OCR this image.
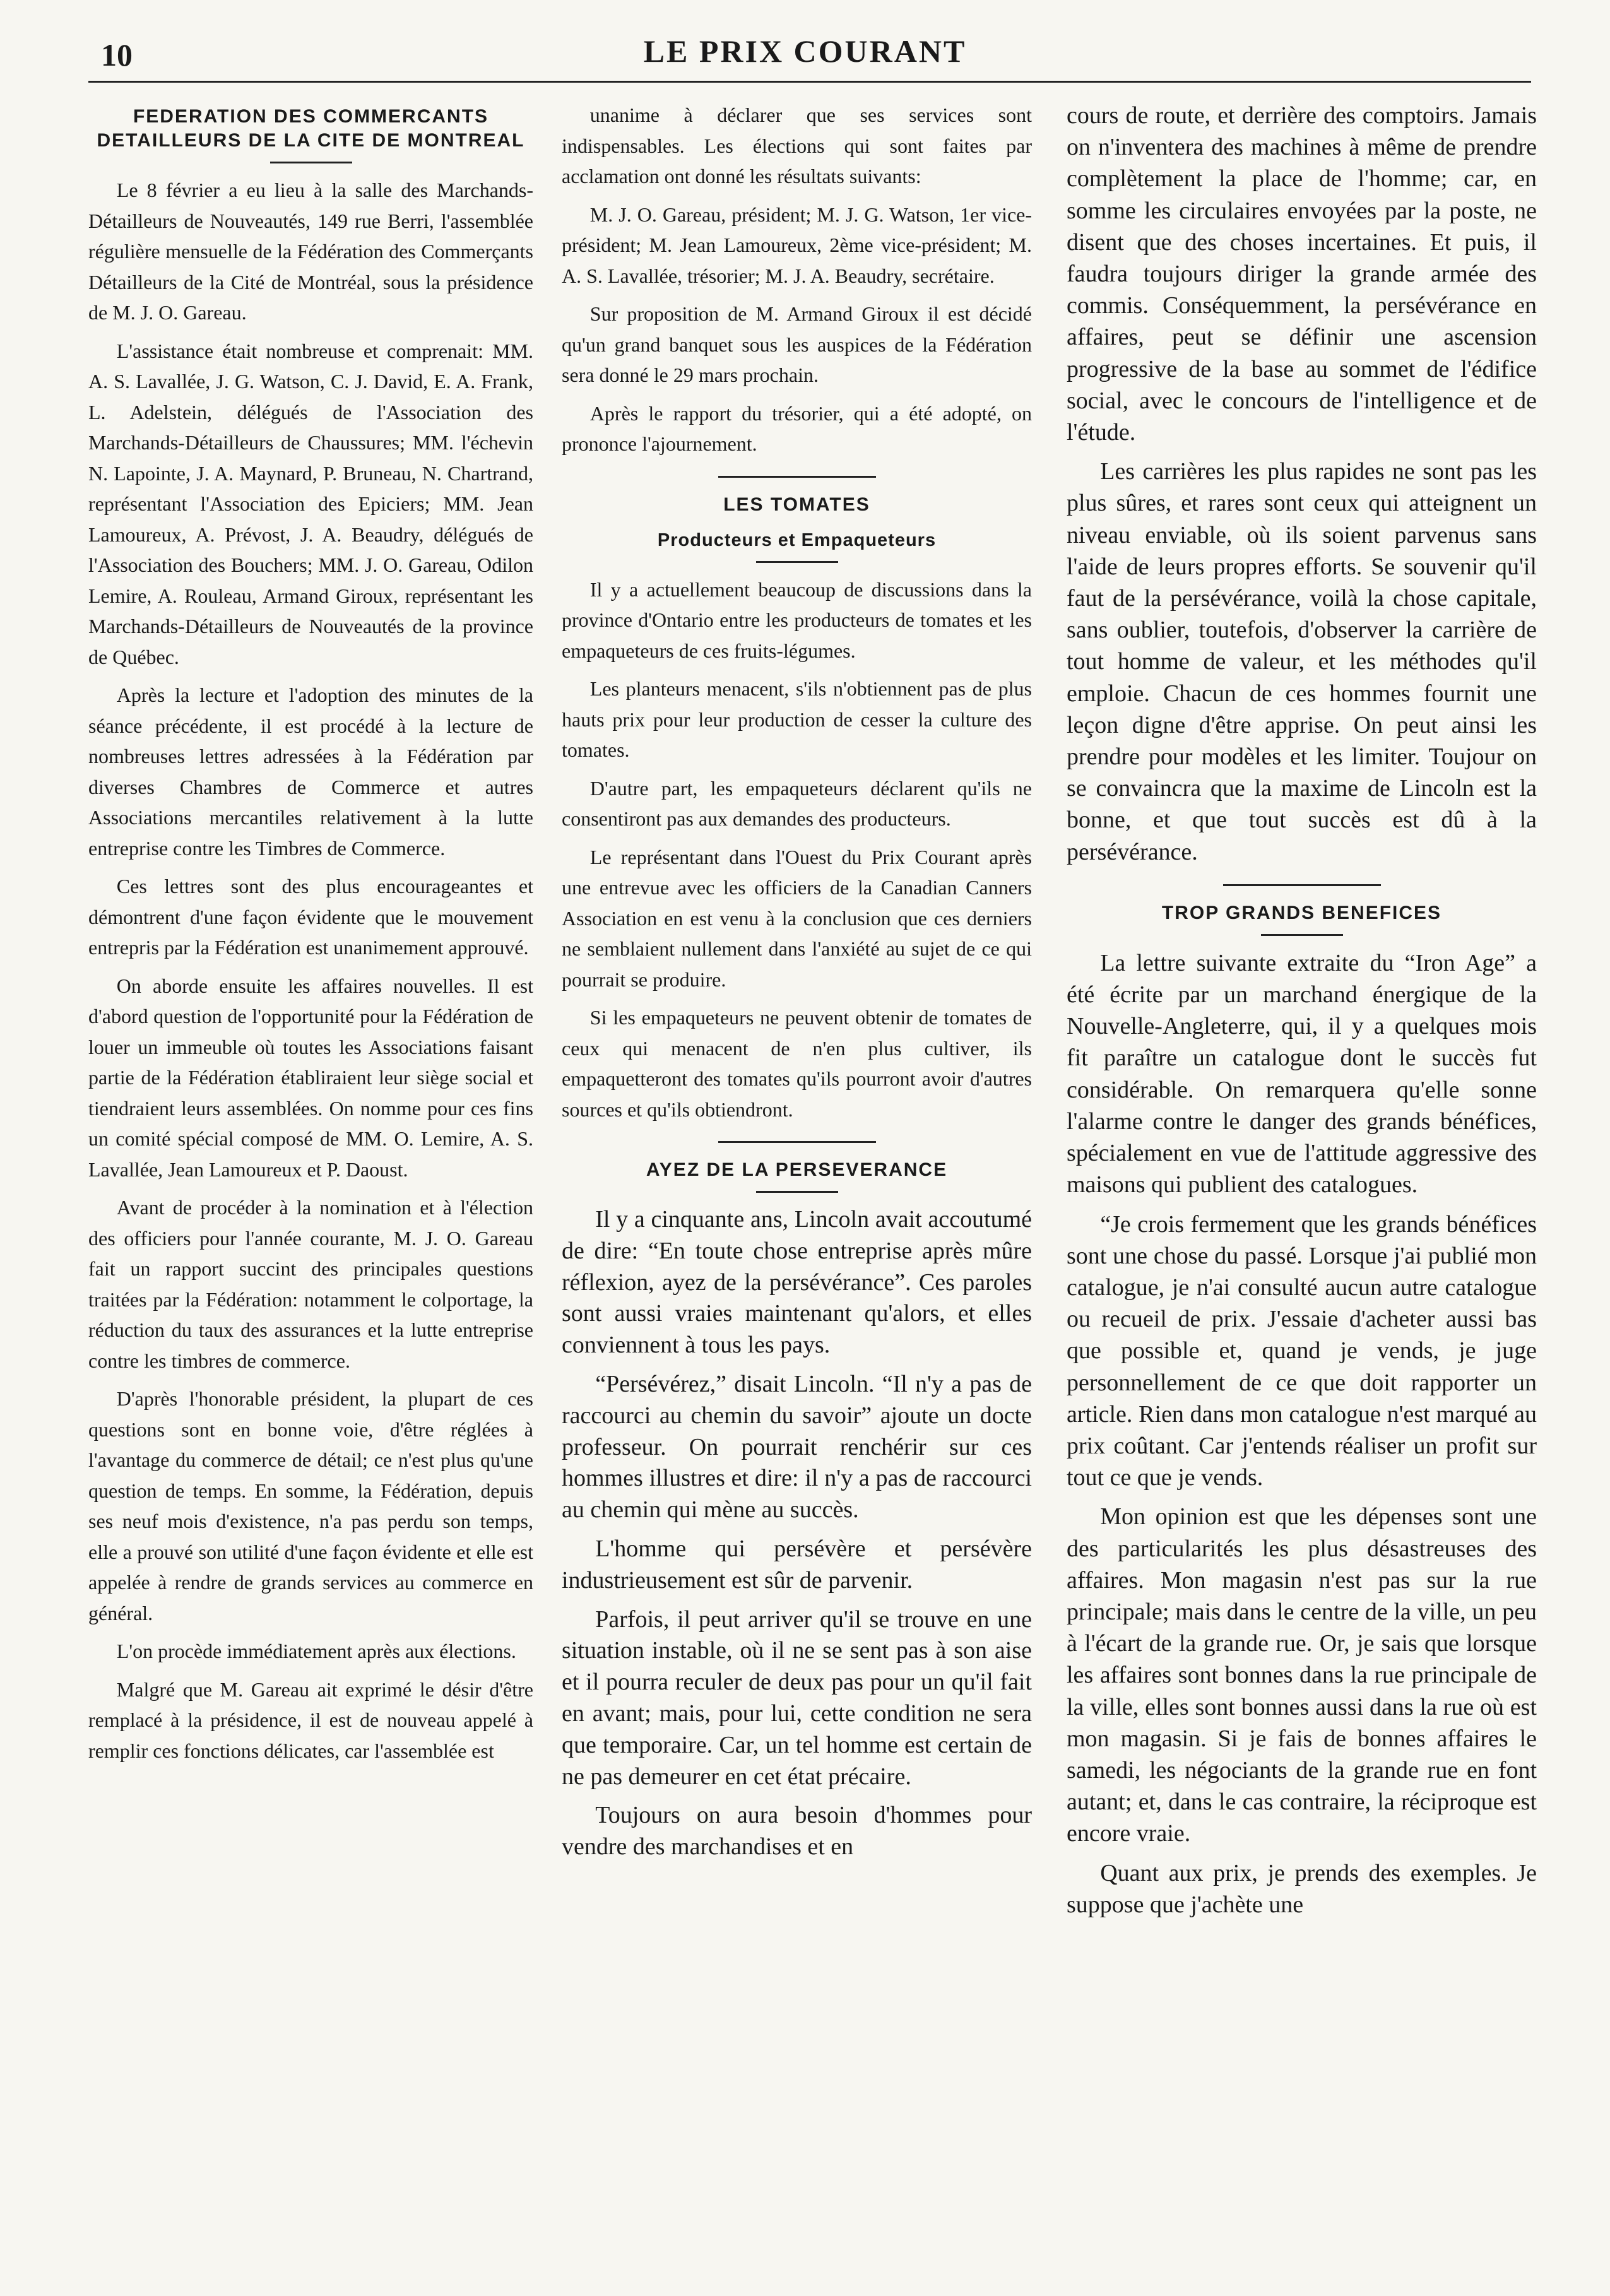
10	LE PRIX COURANT
FEDERATION DES COMMERCANTS DETAILLEURS DE LA CITE DE MONTREAL

Le 8 février a eu lieu à la salle des Marchands-Détailleurs de Nouveautés, 149 rue Berri, l'assemblée régulière mensuelle de la Fédération des Commerçants Détailleurs de la Cité de Montréal, sous la présidence de M. J. O. Gareau.

L'assistance était nombreuse et comprenait: MM. A. S. Lavallée, J. G. Watson, C. J. David, E. A. Frank, L. Adelstein, délégués de l'Association des Marchands-Détailleurs de Chaussures; MM. l'échevin N. Lapointe, J. A. Maynard, P. Bruneau, N. Chartrand, représentant l'Association des Epiciers; MM. Jean Lamoureux, A. Prévost, J. A. Beaudry, délégués de l'Association des Bouchers; MM. J. O. Gareau, Odilon Lemire, A. Rouleau, Armand Giroux, représentant les Marchands-Détailleurs de Nouveautés de la province de Québec.

Après la lecture et l'adoption des minutes de la séance précédente, il est procédé à la lecture de nombreuses lettres adressées à la Fédération par diverses Chambres de Commerce et autres Associations mercantiles relativement à la lutte entreprise contre les Timbres de Commerce.

Ces lettres sont des plus encourageantes et démontrent d'une façon évidente que le mouvement entrepris par la Fédération est unanimement approuvé.

On aborde ensuite les affaires nouvelles. Il est d'abord question de l'opportunité pour la Fédération de louer un immeuble où toutes les Associations faisant partie de la Fédération établiraient leur siège social et tiendraient leurs assemblées. On nomme pour ces fins un comité spécial composé de MM. O. Lemire, A. S. Lavallée, Jean Lamoureux et P. Daoust.

Avant de procéder à la nomination et à l'élection des officiers pour l'année courante, M. J. O. Gareau fait un rapport succint des principales questions traitées par la Fédération: notamment le colportage, la réduction du taux des assurances et la lutte entreprise contre les timbres de commerce.

D'après l'honorable président, la plupart de ces questions sont en bonne voie, d'être réglées à l'avantage du commerce de détail; ce n'est plus qu'une question de temps. En somme, la Fédération, depuis ses neuf mois d'existence, n'a pas perdu son temps, elle a prouvé son utilité d'une façon évidente et elle est appelée à rendre de grands services au commerce en général.

L'on procède immédiatement après aux élections.

Malgré que M. Gareau ait exprimé le désir d'être remplacé à la présidence, il est de nouveau appelé à remplir ces fonctions délicates, car l'assemblée est

unanime à déclarer que ses services sont indispensables. Les élections qui sont faites par acclamation ont donné les résultats suivants:

M. J. O. Gareau, président; M. J. G. Watson, 1er vice-président; M. Jean Lamoureux, 2ème vice-président; M. A. S. Lavallée, trésorier; M. J. A. Beaudry, secrétaire.

Sur proposition de M. Armand Giroux il est décidé qu'un grand banquet sous les auspices de la Fédération sera donné le 29 mars prochain.

Après le rapport du trésorier, qui a été adopté, on prononce l'ajournement.

LES TOMATES
Producteurs et Empaqueteurs

Il y a actuellement beaucoup de discussions dans la province d'Ontario entre les producteurs de tomates et les empaqueteurs de ces fruits-légumes.

Les planteurs menacent, s'ils n'obtiennent pas de plus hauts prix pour leur production de cesser la culture des tomates.

D'autre part, les empaqueteurs déclarent qu'ils ne consentiront pas aux demandes des producteurs.

Le représentant dans l'Ouest du Prix Courant après une entrevue avec les officiers de la Canadian Canners Association en est venu à la conclusion que ces derniers ne semblaient nullement dans l'anxiété au sujet de ce qui pourrait se produire.

Si les empaqueteurs ne peuvent obtenir de tomates de ceux qui menacent de n'en plus cultiver, ils empaquetteront des tomates qu'ils pourront avoir d'autres sources et qu'ils obtiendront.

AYEZ DE LA PERSEVERANCE

Il y a cinquante ans, Lincoln avait accoutumé de dire: “En toute chose entreprise après mûre réflexion, ayez de la persévérance”. Ces paroles sont aussi vraies maintenant qu'alors, et elles conviennent à tous les pays.

“Persévérez,” disait Lincoln. “Il n'y a pas de raccourci au chemin du savoir” ajoute un docte professeur. On pourrait renchérir sur ces hommes illustres et dire: il n'y a pas de raccourci au chemin qui mène au succès.

L'homme qui persévère et persévère industrieusement est sûr de parvenir.

Parfois, il peut arriver qu'il se trouve en une situation instable, où il ne se sent pas à son aise et il pourra reculer de deux pas pour un qu'il fait en avant; mais, pour lui, cette condition ne sera que temporaire. Car, un tel homme est certain de ne pas demeurer en cet état précaire.

Toujours on aura besoin d'hommes pour vendre des marchandises et en

cours de route, et derrière des comptoirs. Jamais on n'inventera des machines à même de prendre complètement la place de l'homme; car, en somme les circulaires envoyées par la poste, ne disent que des choses incertaines. Et puis, il faudra toujours diriger la grande armée des commis. Conséquemment, la persévérance en affaires, peut se définir une ascension progressive de la base au sommet de l'édifice social, avec le concours de l'intelligence et de l'étude.

Les carrières les plus rapides ne sont pas les plus sûres, et rares sont ceux qui atteignent un niveau enviable, où ils soient parvenus sans l'aide de leurs propres efforts. Se souvenir qu'il faut de la persévérance, voilà la chose capitale, sans oublier, toutefois, d'observer la carrière de tout homme de valeur, et les méthodes qu'il emploie. Chacun de ces hommes fournit une leçon digne d'être apprise. On peut ainsi les prendre pour modèles et les limiter. Toujour on se convaincra que la maxime de Lincoln est la bonne, et que tout succès est dû à la persévérance.

TROP GRANDS BENEFICES

La lettre suivante extraite du “Iron Age” a été écrite par un marchand énergique de la Nouvelle-Angleterre, qui, il y a quelques mois fit paraître un catalogue dont le succès fut considérable. On remarquera qu'elle sonne l'alarme contre le danger des grands bénéfices, spécialement en vue de l'attitude aggressive des maisons qui publient des catalogues.

“Je crois fermement que les grands bénéfices sont une chose du passé. Lorsque j'ai publié mon catalogue, je n'ai consulté aucun autre catalogue ou recueil de prix. J'essaie d'acheter aussi bas que possible et, quand je vends, je juge personnellement de ce que doit rapporter un article. Rien dans mon catalogue n'est marqué au prix coûtant. Car j'entends réaliser un profit sur tout ce que je vends.

Mon opinion est que les dépenses sont une des particularités les plus désastreuses des affaires. Mon magasin n'est pas sur la rue principale; mais dans le centre de la ville, un peu à l'écart de la grande rue. Or, je sais que lorsque les affaires sont bonnes dans la rue principale de la ville, elles sont bonnes aussi dans la rue où est mon magasin. Si je fais de bonnes affaires le samedi, les négociants de la grande rue en font autant; et, dans le cas contraire, la réciproque est encore vraie.

Quant aux prix, je prends des exemples. Je suppose que j'achète une
